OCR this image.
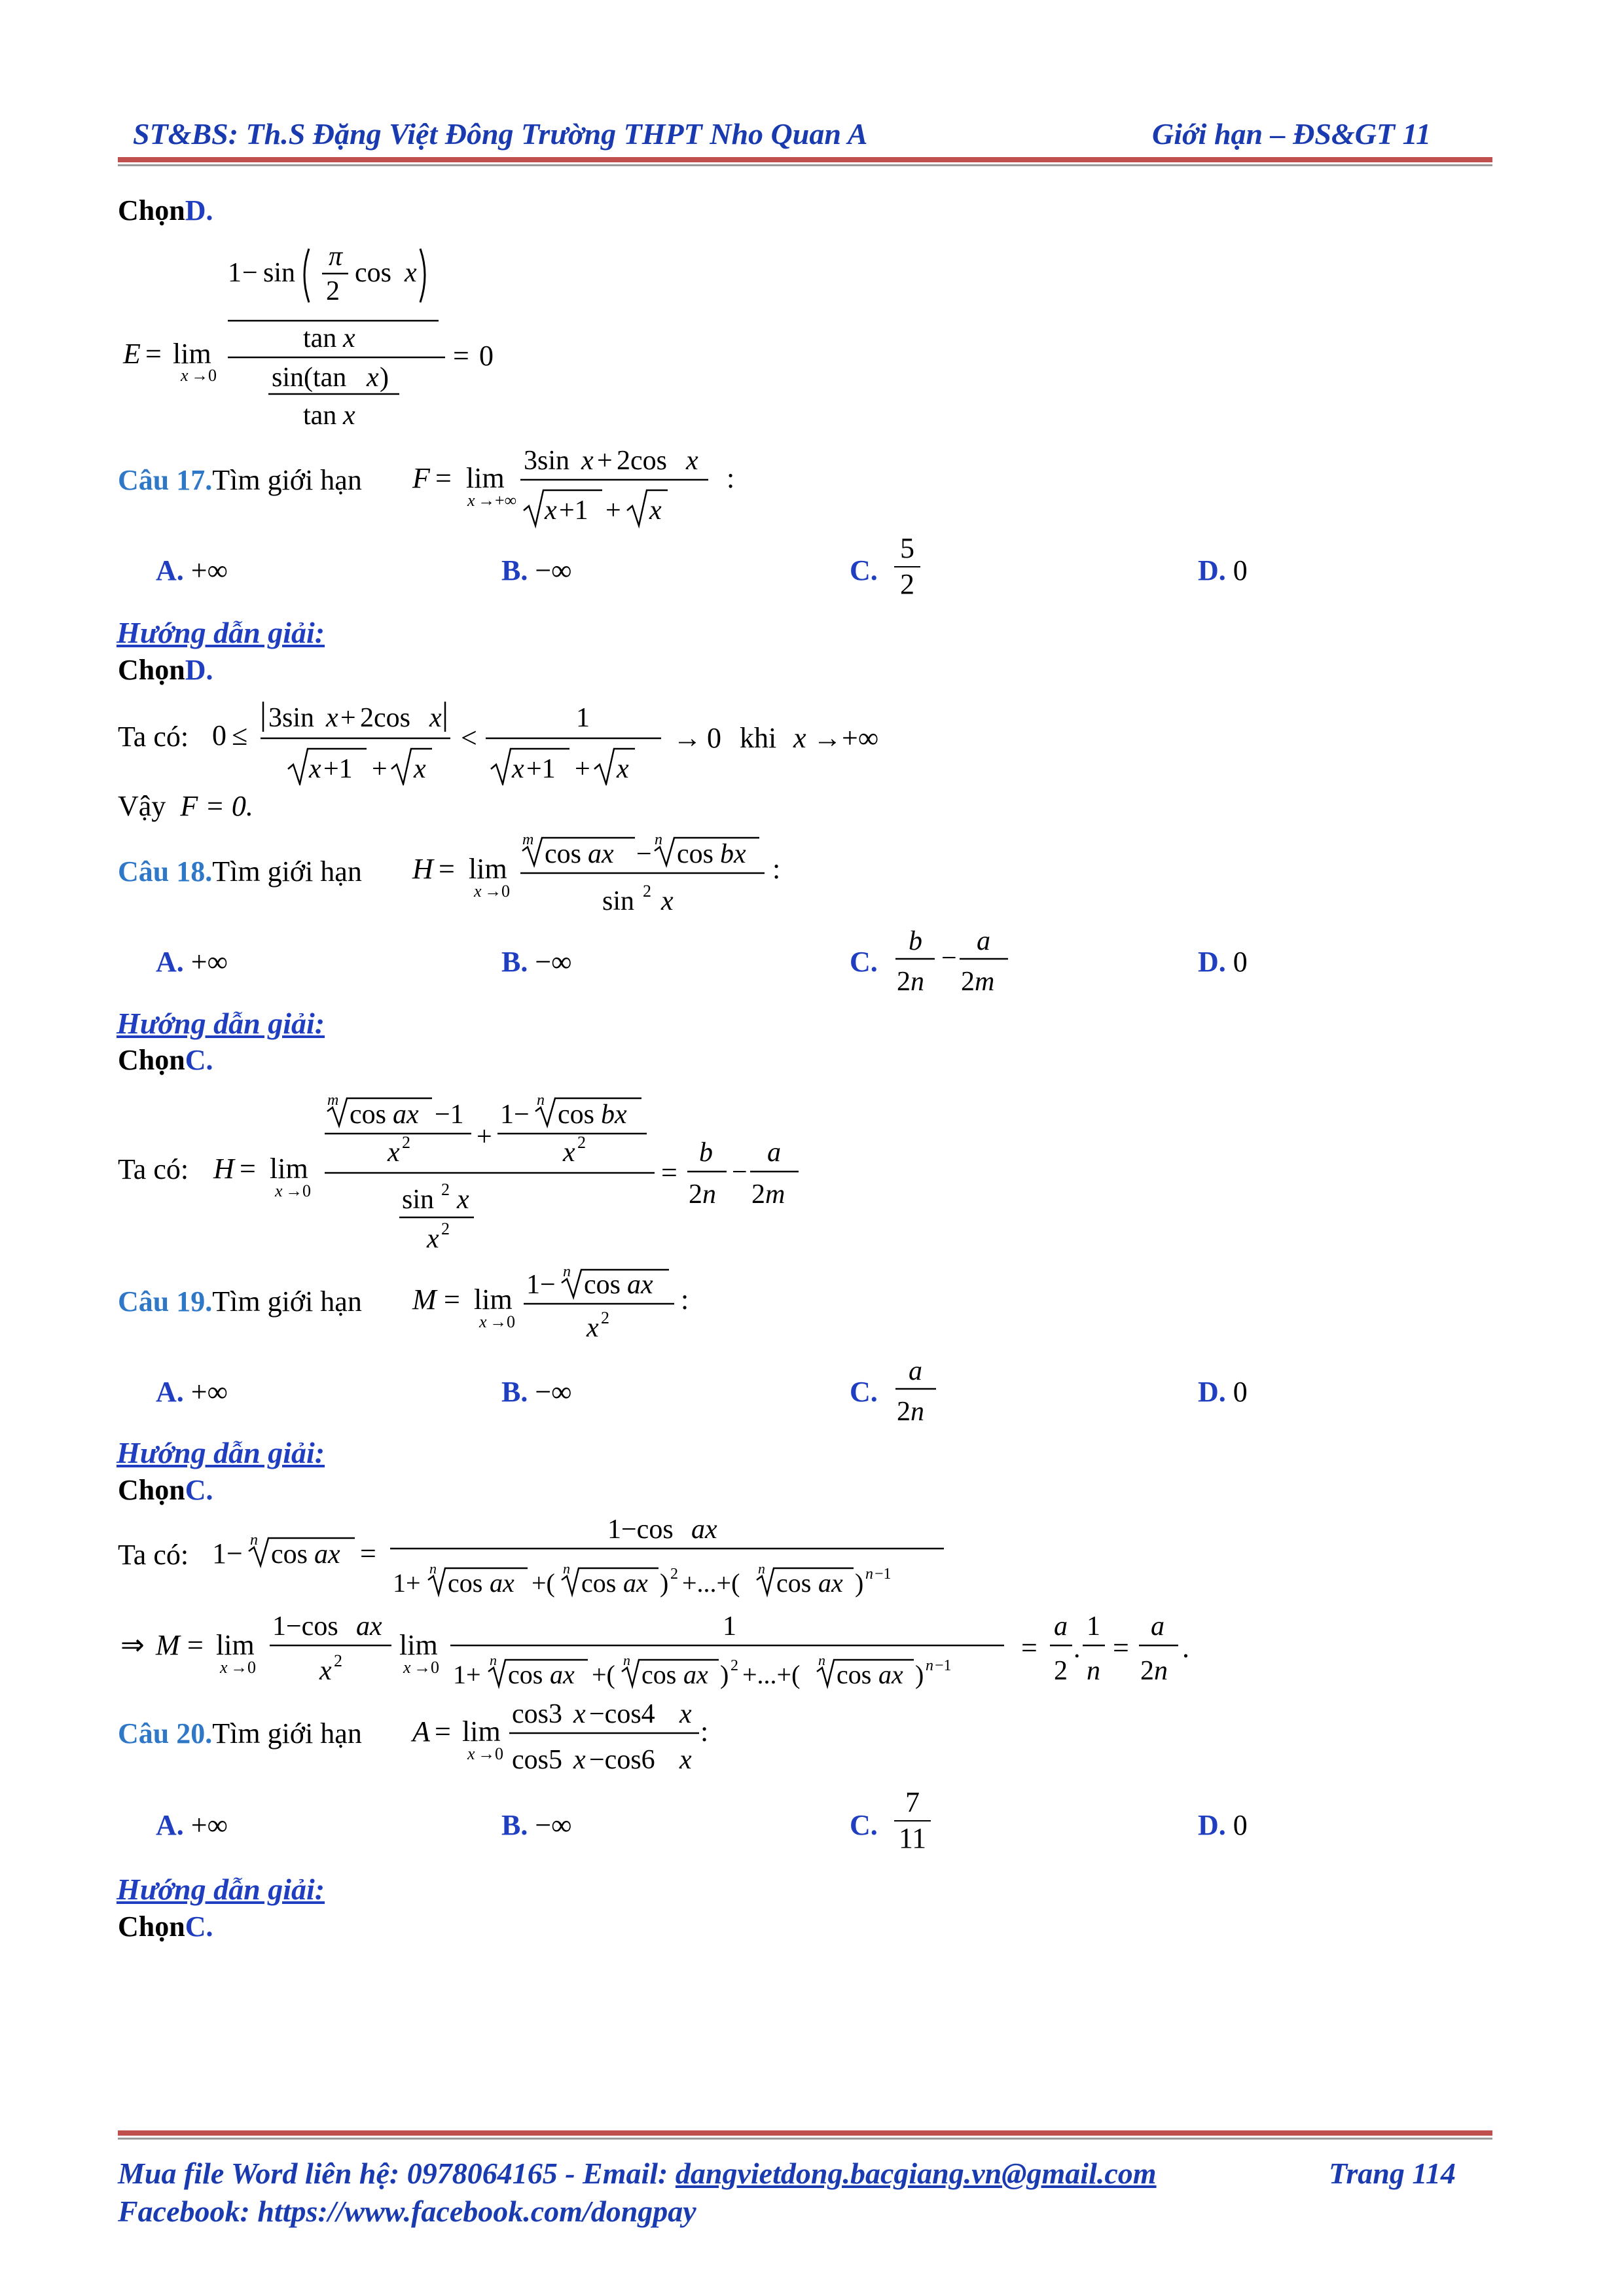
ST&BS: Th.S Đặng Việt Đông Trường THPT Nho Quan A	Giới hạn – ĐS&GT 11
ChọnD.
1 − sin
π
2
cos x
tan x
E = lim
x →0
= 0
sin(tan x )
tan x
Câu 17.Tìm giới hạn F = lim
x →+∞
3sin x + 2cos x
x +1 + x
:
A. +∞	B. −∞	C.
5
2	D. 0
Hướng dẫn giải:
ChọnD.
Ta có: 0 ≤
3sin x + 2cos x
x +1 + x
<
1
x +1 + x
→ 0 khi x →+∞
Vậy F = 0.
Câu 18.Tìm giới hạn H = lim
x →0
m cos ax − n cos bx
sin 2 x
:
A. +∞	B. −∞	C.
b
2n
−
a
2m
D. 0
Hướng dẫn giải:
ChọnC.
Ta có: H = lim
x →0
m cos ax −1
x 2 +
1− n cos bx
x 2
sin 2 x
x 2
=
b
2n
−
a
2m
Câu 19.Tìm giới hạn M = lim
x →0
1− n cos ax
x 2
:
A. +∞	B. −∞	C.
a
2n
D. 0
Hướng dẫn giải:
ChọnC.
Ta có: 1− n cos ax =
1−cos ax
1+ n cos ax +( n cos ax ) 2 +...+( n cos ax ) n −1
⇒ M = lim
x →0
1−cos ax
x 2 lim
x →0
1
1+ n cos ax +( n cos ax ) 2 +...+( n cos ax ) n −1
=
a
2
.
1
n
=
a
2n
.
Câu 20.Tìm giới hạn A = lim
x →0
cos3 x −cos4 x
cos5 x −cos6 x
:
A. +∞	B. −∞	C.
7
11	D. 0
Hướng dẫn giải:
ChọnC.
Mua file Word liên hệ: 0978064165 - Email: dangvietdong.bacgiang.vn@gmail.com	Trang 114
Facebook: https://www.facebook.com/dongpay
